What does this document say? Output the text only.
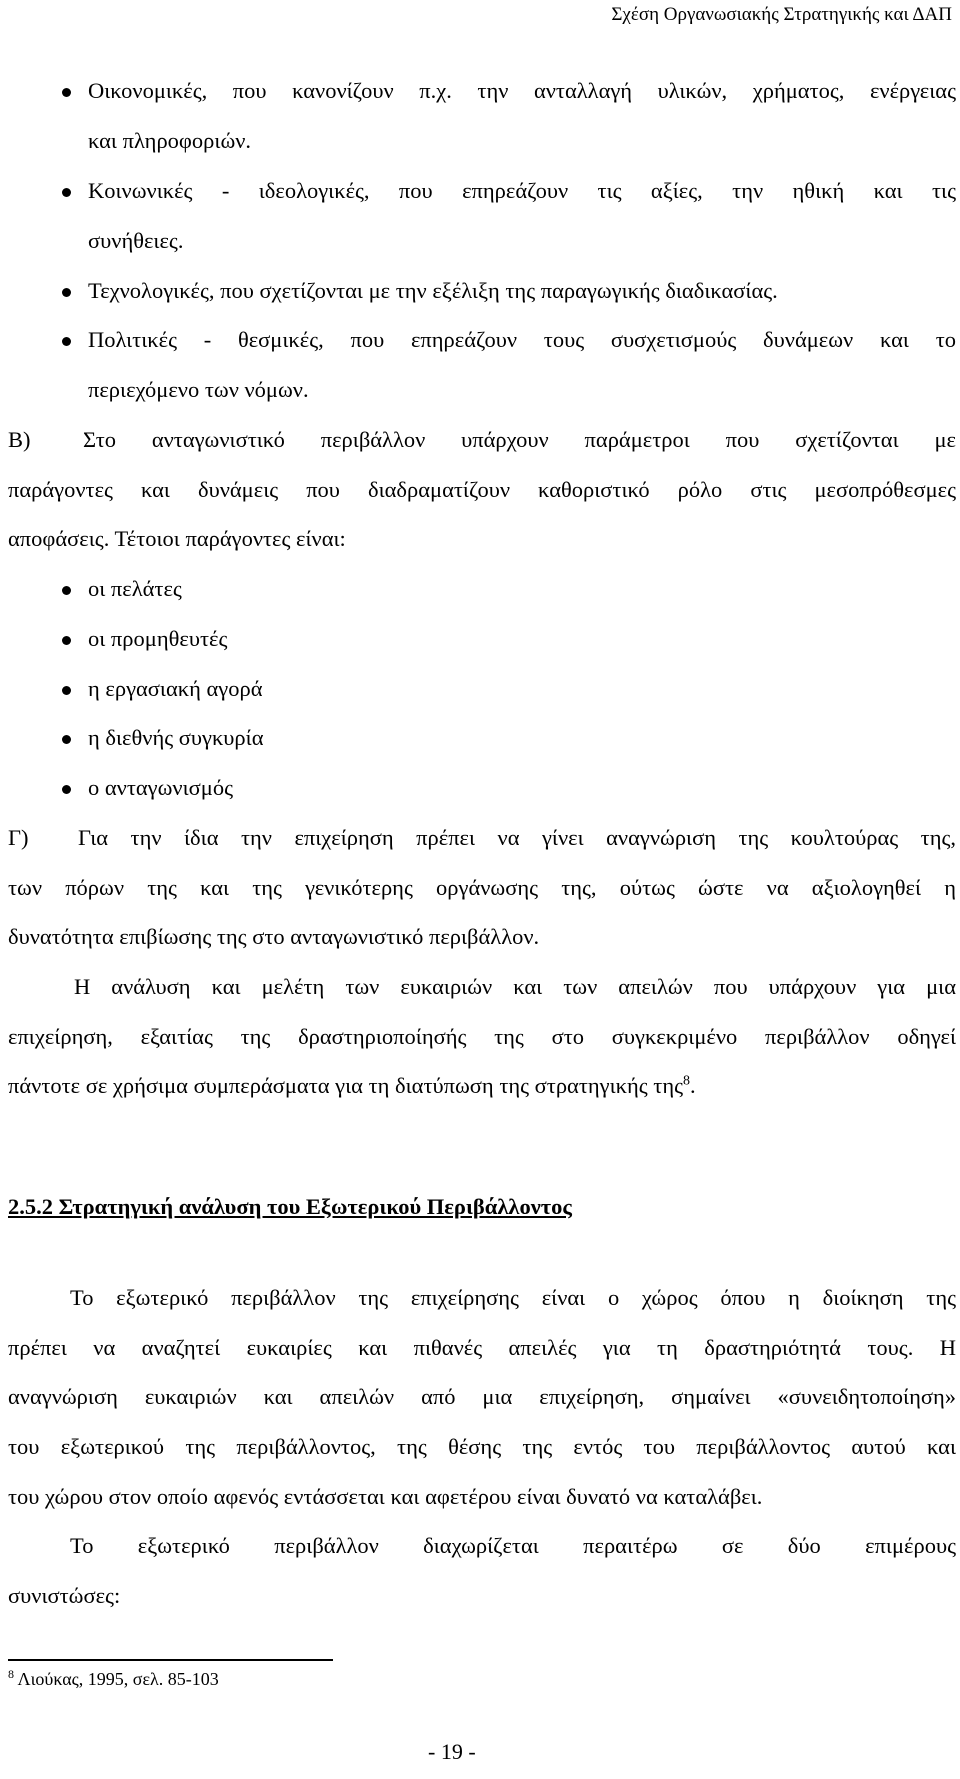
Σχέση Οργανωσιακής Στρατηγικής και ΔΑΠ
Οικονομικές, που κανονίζουν π.χ. την ανταλλαγή υλικών, χρήματος, ενέργειας
και πληροφοριών.
Κοινωνικές - ιδεολογικές, που επηρεάζουν τις αξίες, την ηθική και τις
συνήθειες.
Τεχνολογικές, που σχετίζονται με την εξέλιξη της παραγωγικής διαδικασίας.
Πολιτικές - θεσμικές, που επηρεάζουν τους συσχετισμούς δυνάμεων και το
περιεχόμενο των νόμων.
Β) Στο ανταγωνιστικό περιβάλλον υπάρχουν παράμετροι που σχετίζονται με
παράγοντες και δυνάμεις που διαδραματίζουν καθοριστικό ρόλο στις μεσοπρόθεσμες
αποφάσεις. Τέτοιοι παράγοντες είναι:
οι πελάτες
οι προμηθευτές
η εργασιακή αγορά
η διεθνής συγκυρία
ο ανταγωνισμός
Γ) Για την ίδια την επιχείρηση πρέπει να γίνει αναγνώριση της κουλτούρας της,
των πόρων της και της γενικότερης οργάνωσης της, ούτως ώστε να αξιολογηθεί η
δυνατότητα επιβίωσης της στο ανταγωνιστικό περιβάλλον.
Η ανάλυση και μελέτη των ευκαιριών και των απειλών που υπάρχουν για μια
επιχείρηση, εξαιτίας της δραστηριοποίησής της στο συγκεκριμένο περιβάλλον οδηγεί
πάντοτε σε χρήσιμα συμπεράσματα για τη διατύπωση της στρατηγικής της$^8$.
2.5.2 Στρατηγική ανάλυση του Εξωτερικού Περιβάλλοντος
Το εξωτερικό περιβάλλον της επιχείρησης είναι ο χώρος όπου η διοίκηση της
πρέπει να αναζητεί ευκαιρίες και πιθανές απειλές για τη δραστηριότητά τους. Η
αναγνώριση ευκαιριών και απειλών από μια επιχείρηση, σημαίνει «συνειδητοποίηση»
του εξωτερικού της περιβάλλοντος, της θέσης της εντός του περιβάλλοντος αυτού και
του χώρου στον οποίο αφενός εντάσσεται και αφετέρου είναι δυνατό να καταλάβει.
Το εξωτερικό περιβάλλον διαχωρίζεται περαιτέρω σε δύο επιμέρους
συνιστώσες:
$^8$ Λιούκας, 1995, σελ. 85-103
- 19 -
